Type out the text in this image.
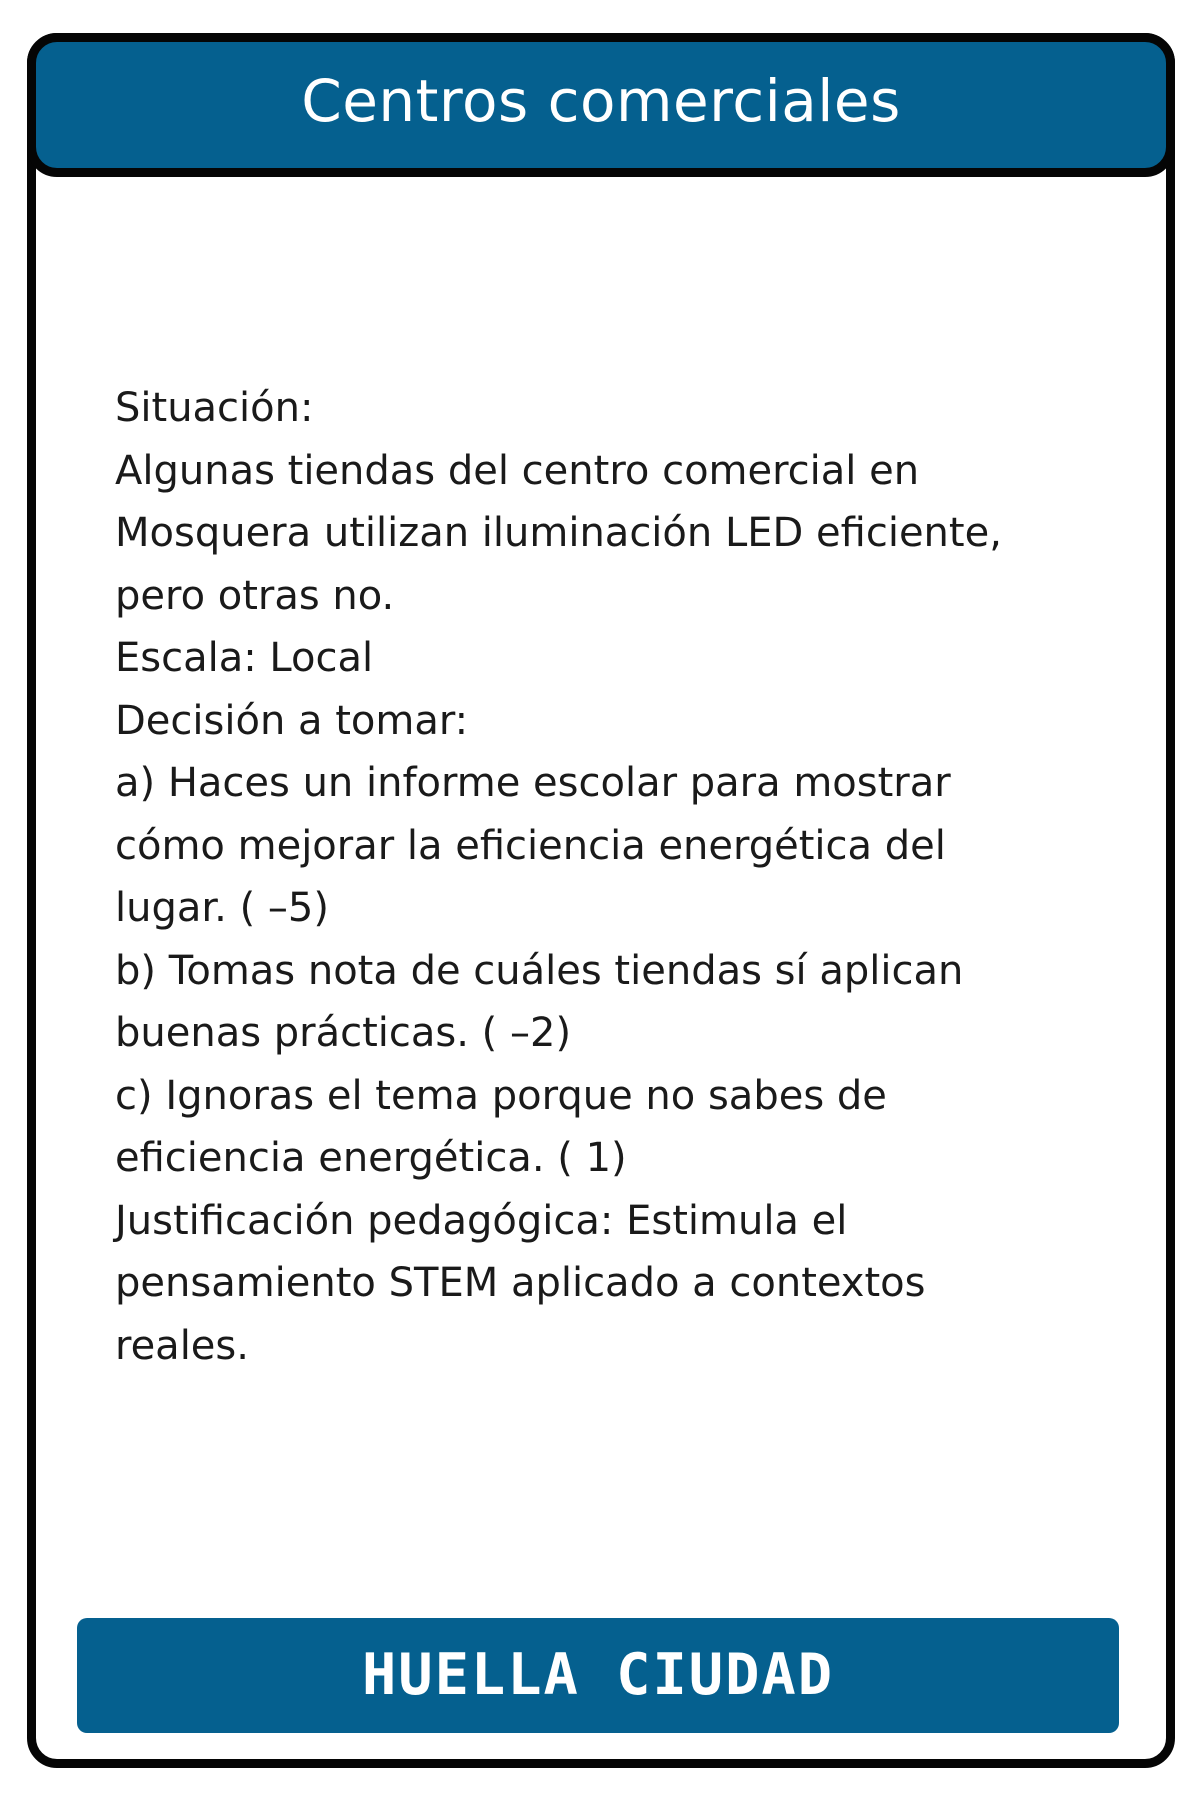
Centros comerciales
Situación:
Algunas tiendas del centro comercial en
Mosquera utilizan iluminación LED eficiente,
pero otras no.
Escala: Local
Decisión a tomar:
a) Haces un informe escolar para mostrar
cómo mejorar la eficiencia energética del
lugar. ( –5)
b) Tomas nota de cuáles tiendas sí aplican
buenas prácticas. ( –2)
c) Ignoras el tema porque no sabes de
eficiencia energética. ( 1)
Justificación pedagógica: Estimula el
pensamiento STEM aplicado a contextos
reales.
HUELLA CIUDAD
